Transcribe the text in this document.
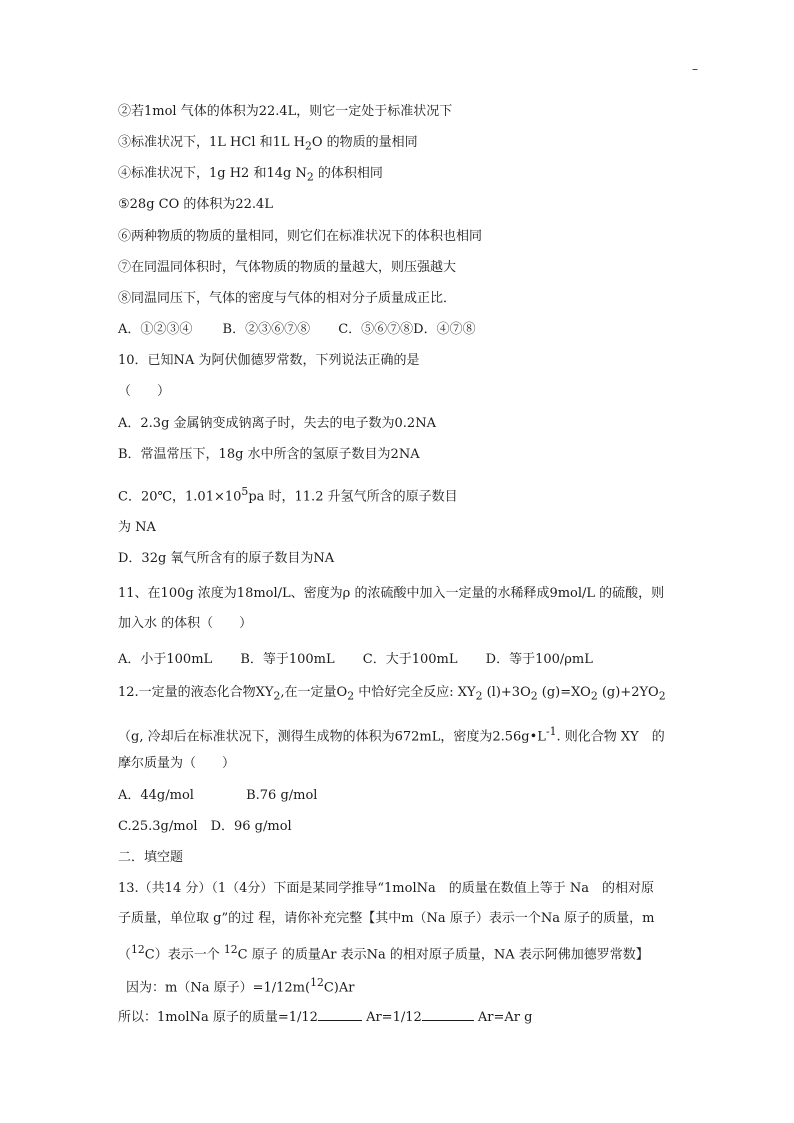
–
②若1mol 气体的体积为22.4L，则它一定处于标准状况下
③标准状况下，1L HCl 和1L $H_2O$ 的物质的量相同
④标准状况下，1g H2 和14g $N_2$ 的体积相同
⑤28g CO 的体积为22.4L
⑥两种物质的物质的量相同，则它们在标准状况下的体积也相同
⑦在同温同体积时，气体物质的物质的量越大，则压强越大
⑧同温同压下，气体的密度与气体的相对分子质量成正比．
A．①②③④ B．②③⑥⑦⑧ C．⑤⑥⑦⑧D．④⑦⑧
10．已知NA 为阿伏伽德罗常数，下列说法正确的是
（　　）
A．2.3g 金属钠变成钠离子时，失去的电子数为0.2NA
B．常温常压下，18g 水中所含的氢原子数目为2NA
C．20℃，$1.01\times 10^5pa$ 时，11.2 升氢气所含的原子数目
为 NA
D．32g 氧气所含有的原子数目为NA
11、在100g 浓度为18mol/L、密度为ρ 的浓硫酸中加入一定量的水稀释成9mol/L 的硫酸，则
加入水 的体积（　　）
A．小于100mL B．等于100mL C．大于100mL D．等于100/ρmL
12.一定量的液态化合物$XY_2$,在一定量$O_2$ 中恰好完全反应: $XY_2$ $(l)+3O_2$ $(g)=XO_2$ $(g)+2YO_2$
（g, 冷却后在标准状况下，测得生成物的体积为672mL，密度为$2.56g•L^{-1}$. 则化合物 XY　的
摩尔质量为（　　）
A．44g/mol	B.76 g/mol
C.25.3g/mol　D．96 g/mol
二．填空题
13.（共14 分）（1（4分）下面是某同学推导“1molNa　的质量在数值上等于 Na　的相对原
子质量，单位取 g”的过 程，请你补充完整【其中m（Na 原子）表示一个Na 原子的质量，m
（$^{12}$C）表示一个 $^{12}$C 原子 的质量Ar 表示Na 的相对原子质量，NA 表示阿佛加德罗常数】
因为：m（Na 原子）=1/12m($^{12}$C)Ar
所以：1molNa 原子的质量=1/12	Ar=1/12	Ar=Ar g
